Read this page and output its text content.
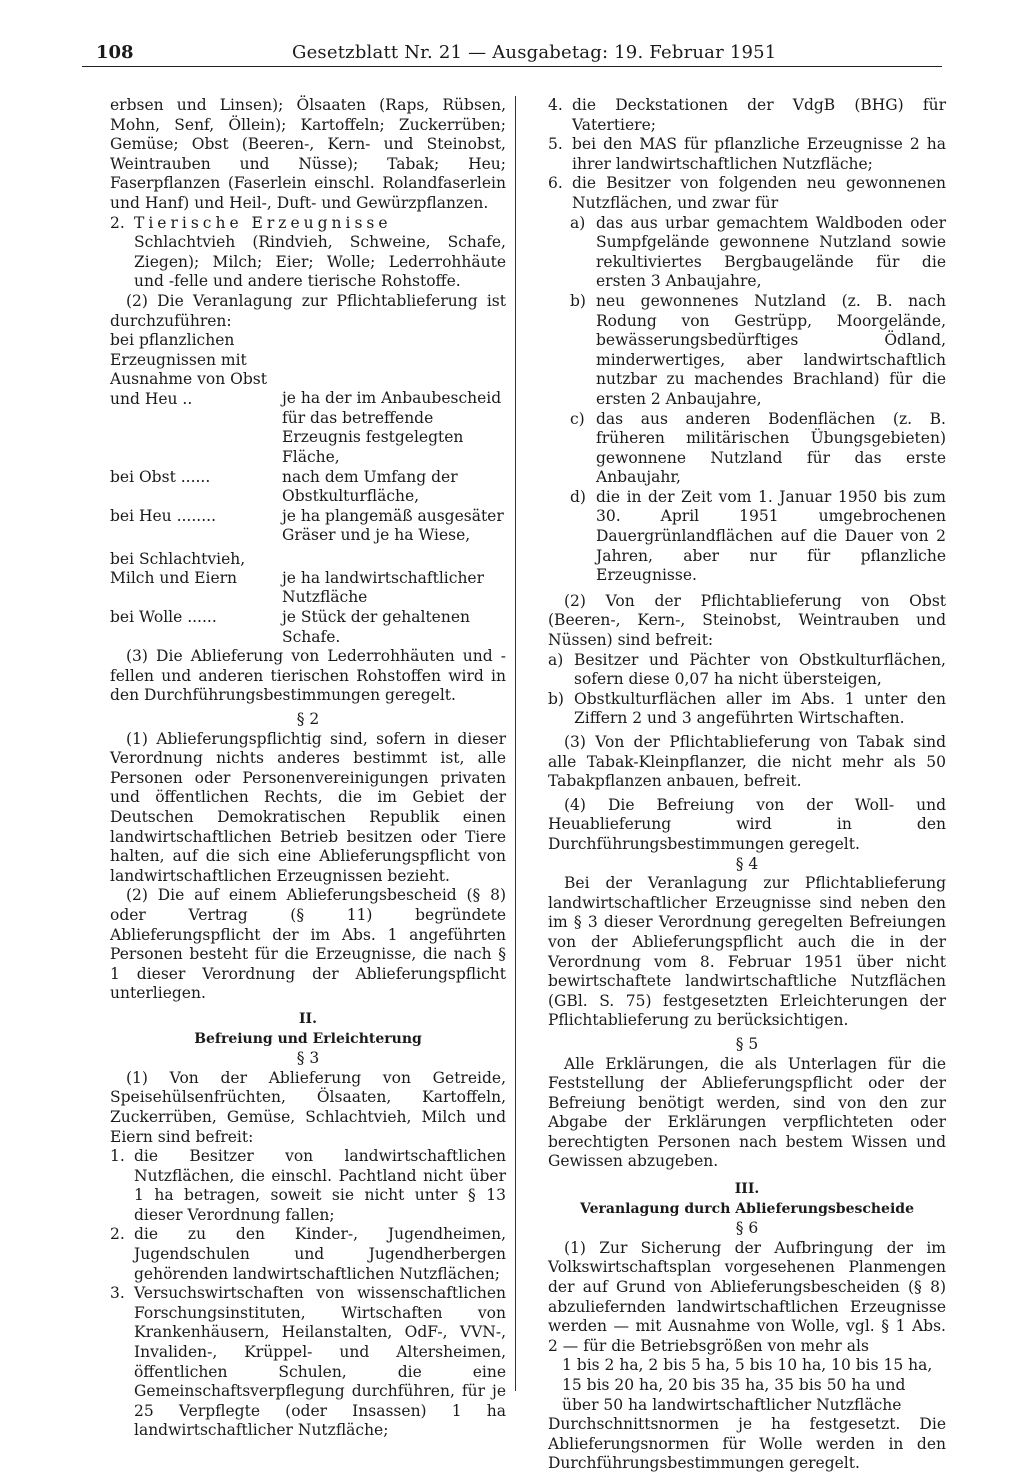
108	Gesetzblatt Nr. 21 — Ausgabetag: 19. Februar 1951

erbsen und Linsen); Ölsaaten (Raps, Rübsen, Mohn, Senf, Öllein); Kartoffeln; Zuckerrüben; Gemüse; Obst (Beeren-, Kern- und Steinobst, Weintrauben und Nüsse); Tabak; Heu; Faserpflanzen (Faserlein einschl. Rolandfaserlein und Hanf) und Heil-, Duft- und Gewürzpflanzen.

2. Tierische Erzeugnisse

Schlachtvieh (Rindvieh, Schweine, Schafe, Ziegen); Milch; Eier; Wolle; Lederrohhäute und -felle und andere tierische Rohstoffe.

(2) Die Veranlagung zur Pflichtablieferung ist durchzuführen:

bei pflanzlichen Erzeugnissen mit Ausnahme von Obst und Heu ..	je ha der im Anbaubescheid für das betreffende Erzeugnis festgelegten Fläche,
bei Obst ......	nach dem Umfang der Obstkulturfläche,
bei Heu ........	je ha plangemäß ausgesäter Gräser und je ha Wiese,
bei Schlachtvieh, Milch und Eiern	je ha landwirtschaftlicher Nutzfläche
bei Wolle ......	je Stück der gehaltenen Schafe.

(3) Die Ablieferung von Lederrohhäuten und -fellen und anderen tierischen Rohstoffen wird in den Durchführungsbestimmungen geregelt.

§ 2

(1) Ablieferungspflichtig sind, sofern in dieser Verordnung nichts anderes bestimmt ist, alle Personen oder Personenvereinigungen privaten und öffentlichen Rechts, die im Gebiet der Deutschen Demokratischen Republik einen landwirtschaftlichen Betrieb besitzen oder Tiere halten, auf die sich eine Ablieferungspflicht von landwirtschaftlichen Erzeugnissen bezieht.

(2) Die auf einem Ablieferungsbescheid (§ 8) oder Vertrag (§ 11) begründete Ablieferungspflicht der im Abs. 1 angeführten Personen besteht für die Erzeugnisse, die nach § 1 dieser Verordnung der Ablieferungspflicht unterliegen.

II.

Befreiung und Erleichterung

§ 3

(1) Von der Ablieferung von Getreide, Speisehülsenfrüchten, Ölsaaten, Kartoffeln, Zuckerrüben, Gemüse, Schlachtvieh, Milch und Eiern sind befreit:

1. die Besitzer von landwirtschaftlichen Nutzflächen, die einschl. Pachtland nicht über 1 ha betragen, soweit sie nicht unter § 13 dieser Verordnung fallen;
2. die zu den Kinder-, Jugendheimen, Jugendschulen und Jugendherbergen gehörenden landwirtschaftlichen Nutzflächen;
3. Versuchswirtschaften von wissenschaftlichen Forschungsinstituten, Wirtschaften von Krankenhäusern, Heilanstalten, OdF-, VVN-, Invaliden-, Krüppel- und Altersheimen, öffentlichen Schulen, die eine Gemeinschaftsverpflegung durchführen, für je 25 Verpflegte (oder Insassen) 1 ha landwirtschaftlicher Nutzfläche;
4. die Deckstationen der VdgB (BHG) für Vatertiere;
5. bei den MAS für pflanzliche Erzeugnisse 2 ha ihrer landwirtschaftlichen Nutzfläche;
6. die Besitzer von folgenden neu gewonnenen Nutzflächen, und zwar für
a) das aus urbar gemachtem Waldboden oder Sumpfgelände gewonnene Nutzland sowie rekultiviertes Bergbaugelände für die ersten 3 Anbaujahre,
b) neu gewonnenes Nutzland (z. B. nach Rodung von Gestrüpp, Moorgelände, bewässerungsbedürftiges Ödland, minderwertiges, aber landwirtschaftlich nutzbar zu machendes Brachland) für die ersten 2 Anbaujahre,
c) das aus anderen Bodenflächen (z. B. früheren militärischen Übungsgebieten) gewonnene Nutzland für das erste Anbaujahr,
d) die in der Zeit vom 1. Januar 1950 bis zum 30. April 1951 umgebrochenen Dauergrünlandflächen auf die Dauer von 2 Jahren, aber nur für pflanzliche Erzeugnisse.

(2) Von der Pflichtablieferung von Obst (Beeren-, Kern-, Steinobst, Weintrauben und Nüssen) sind befreit:

a) Besitzer und Pächter von Obstkulturflächen, sofern diese 0,07 ha nicht übersteigen,
b) Obstkulturflächen aller im Abs. 1 unter den Ziffern 2 und 3 angeführten Wirtschaften.

(3) Von der Pflichtablieferung von Tabak sind alle Tabak-Kleinpflanzer, die nicht mehr als 50 Tabakpflanzen anbauen, befreit.

(4) Die Befreiung von der Woll- und Heuablieferung wird in den Durchführungsbestimmungen geregelt.

§ 4

Bei der Veranlagung zur Pflichtablieferung landwirtschaftlicher Erzeugnisse sind neben den im § 3 dieser Verordnung geregelten Befreiungen von der Ablieferungspflicht auch die in der Verordnung vom 8. Februar 1951 über nicht bewirtschaftete landwirtschaftliche Nutzflächen (GBl. S. 75) festgesetzten Erleichterungen der Pflichtablieferung zu berücksichtigen.

§ 5

Alle Erklärungen, die als Unterlagen für die Feststellung der Ablieferungspflicht oder der Befreiung benötigt werden, sind von den zur Abgabe der Erklärungen verpflichteten oder berechtigten Personen nach bestem Wissen und Gewissen abzugeben.

III.

Veranlagung durch Ablieferungsbescheide

§ 6

(1) Zur Sicherung der Aufbringung der im Volkswirtschaftsplan vorgesehenen Planmengen der auf Grund von Ablieferungsbescheiden (§ 8) abzuliefernden landwirtschaftlichen Erzeugnisse werden — mit Ausnahme von Wolle, vgl. § 1 Abs. 2 — für die Betriebsgrößen von mehr als

1 bis 2 ha, 2 bis 5 ha, 5 bis 10 ha, 10 bis 15 ha, 15 bis 20 ha, 20 bis 35 ha, 35 bis 50 ha und über 50 ha landwirtschaftlicher Nutzfläche

Durchschnittsnormen je ha festgesetzt. Die Ablieferungsnormen für Wolle werden in den Durchführungsbestimmungen geregelt.
